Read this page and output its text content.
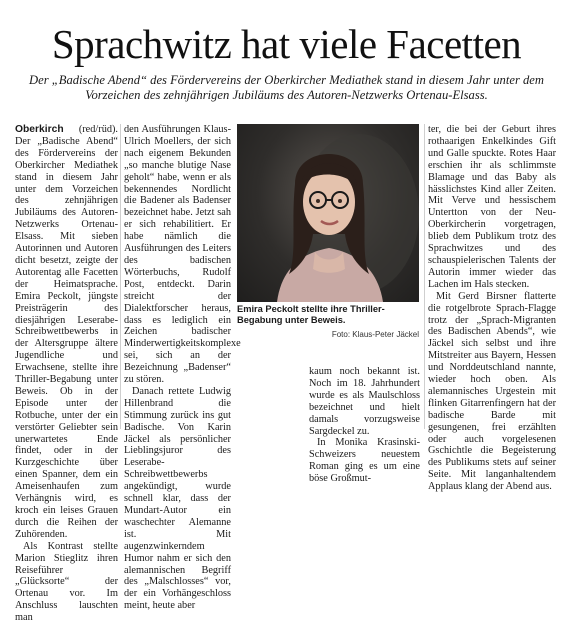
Sprachwitz hat viele Facetten
Der „Badische Abend“ des Fördervereins der Oberkircher Mediathek stand in diesem Jahr unter dem Vorzeichen des zehnjährigen Jubiläums des Autoren-Netzwerks Ortenau-Elsass.

Oberkirch (red/rüd). Der „Badische Abend“ des Fördervereins der Oberkircher Mediathek stand in diesem Jahr unter dem Vorzeichen des zehnjährigen Jubiläums des Autoren-Netzwerks Ortenau-Elsass. Mit sieben Autorinnen und Autoren dicht besetzt, zeigte der Autorentag alle Facetten der Heimatsprache. Emira Peckolt, jüngste Preisträgerin des diesjährigen Leserabe-Schreibwettbewerbs in der Altersgruppe ältere Jugendliche und Erwachsene, stellte ihre Thriller-Begabung unter Beweis. Ob in der Episode unter der Rotbuche, unter der ein verstörter Geliebter sein unerwartetes Ende findet, oder in der Kurzgeschichte über einen Spanner, dem ein Ameisenhaufen zum Verhängnis wird, es kroch ein leises Grauen durch die Reihen der Zuhörenden.

Als Kontrast stellte Marion Stieglitz ihren Reiseführer „Glücksorte“ der Ortenau vor. Im Anschluss lauschten man

den Ausführungen Klaus-Ulrich Moellers, der sich nach eigenem Bekunden „so manche blutige Nase geholt“ habe, wenn er als bekennendes Nordlicht die Badener als Badenser bezeichnet habe. Jetzt sah er sich rehabilitiert. Er habe nämlich die Ausführungen des Leiters des badischen Wörterbuchs, Rudolf Post, entdeckt. Darin streicht der Dialektforscher heraus, dass es lediglich ein Zeichen badischer Minderwertigkeitskomplexe sei, sich an der Bezeichnung „Badenser“ zu stören.

Danach rettete Ludwig Hillenbrand die Stimmung zurück ins gut Badische. Von Karin Jäckel als persönlicher Lieblingsjuror des Leserabe-Schreibwettbewerbs angekündigt, wurde schnell klar, dass der Mundart-Autor ein waschechter Alemanne ist. Mit augenzwinkerndem Humor nahm er sich den alemannischen Begriff des „Malschlosses“ vor, der ein Vorhängeschloss meint, heute aber

Emira Peckolt stellte ihre Thriller-Begabung unter Beweis.
Foto: Klaus-Peter Jäckel

kaum noch bekannt ist. Noch im 18. Jahrhundert wurde es als Maulschloss bezeichnet und hielt damals vorzugsweise Sargdeckel zu.

In Monika Krasinski-Schweizers neuestem Roman ging es um eine böse Großmut-

ter, die bei der Geburt ihres rothaarigen Enkelkindes Gift und Galle spuckte. Rotes Haar erschien ihr als schlimmste Blamage und das Baby als hässlichstes Kind aller Zeiten. Mit Verve und hessischem Untertton von der Neu-Oberkircherin vorgetragen, blieb dem Publikum trotz des Sprachwitzes und des schauspielerischen Talents der Autorin immer wieder das Lachen im Hals stecken.

Mit Gerd Birsner flatterte die rotgelbrote Sprach-Flagge trotz der „Sprach-Migranten des Badischen Abends“, wie Jäckel sich selbst und ihre Mitstreiter aus Bayern, Hessen und Norddeutschland nannte, wieder hoch oben. Als alemannisches Urgestein mit flinken Gitarrenfingern hat der badische Barde mit gesungenen, frei erzählten oder auch vorgelesenen Gschichtle die Begeisterung des Publikums stets auf seiner Seite. Mit langanhaltendem Applaus klang der Abend aus.
